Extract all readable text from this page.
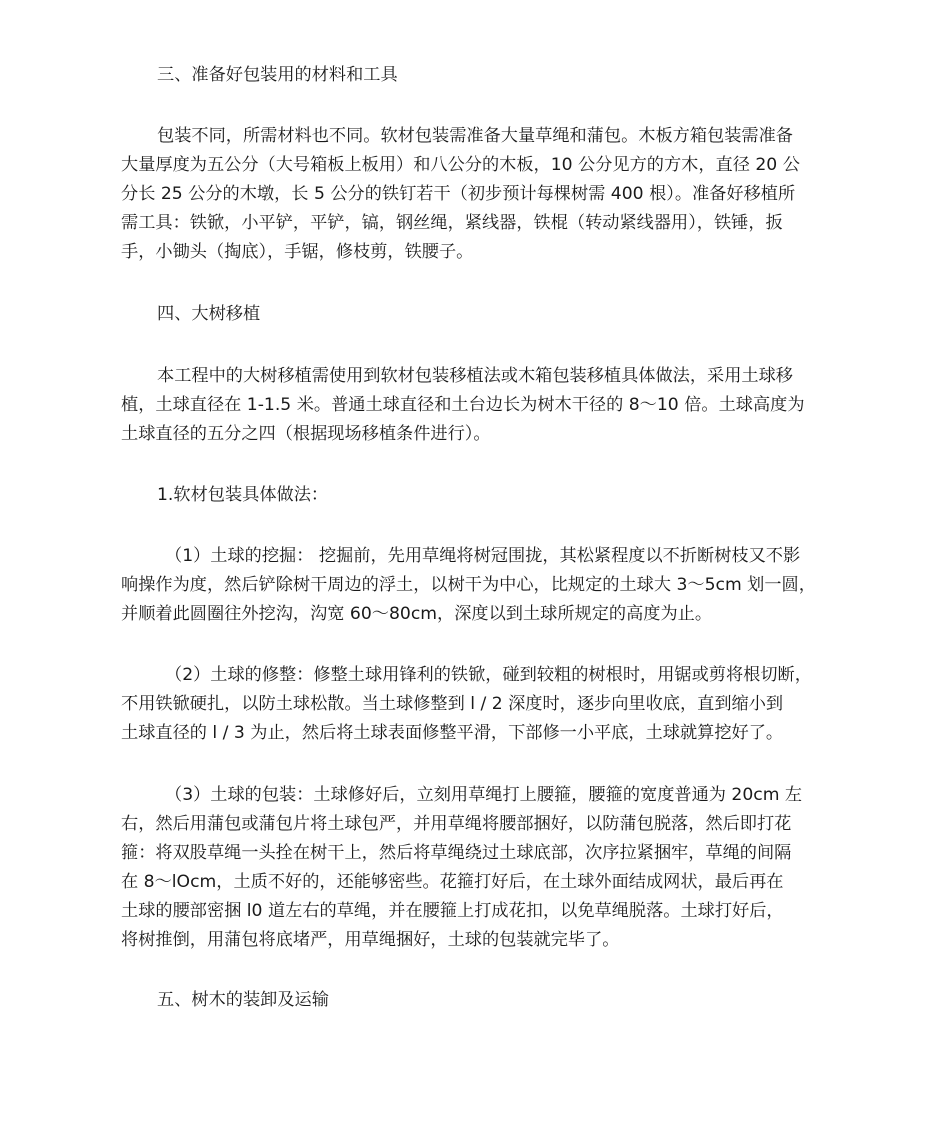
三、准备好包装用的材料和工具

包装不同，所需材料也不同。软材包装需准备大量草绳和蒲包。木板方箱包装需准备
大量厚度为五公分（大号箱板上板用）和八公分的木板，10 公分见方的方木，直径 20 公
分长 25 公分的木墩，长 5 公分的铁钉若干（初步预计每棵树需 400 根）。准备好移植所
需工具：铁锨，小平铲，平铲，镐，钢丝绳，紧线器，铁棍（转动紧线器用），铁锤，扳
手，小锄头（掏底），手锯，修枝剪，铁腰子。

四、大树移植

本工程中的大树移植需使用到软材包装移植法或木箱包装移植具体做法，采用土球移
植，土球直径在 1-1.5 米。普通土球直径和土台边长为树木干径的 8～10 倍。土球高度为
土球直径的五分之四（根据现场移植条件进行）。

1.软材包装具体做法：

（1）土球的挖掘： 挖掘前，先用草绳将树冠围拢，其松紧程度以不折断树枝又不影
响操作为度，然后铲除树干周边的浮土，以树干为中心，比规定的土球大 3～5cm 划一圆，
并顺着此圆圈往外挖沟，沟宽 60～80cm，深度以到土球所规定的高度为止。
（2）土球的修整：修整土球用锋利的铁锨，碰到较粗的树根时，用锯或剪将根切断，
不用铁锨硬扎，以防土球松散。当土球修整到 l / 2 深度时，逐步向里收底，直到缩小到
土球直径的 l / 3 为止，然后将土球表面修整平滑，下部修一小平底，土球就算挖好了。
（3）土球的包装：土球修好后，立刻用草绳打上腰箍，腰箍的宽度普通为 20cm 左
右，然后用蒲包或蒲包片将土球包严，并用草绳将腰部捆好，以防蒲包脱落，然后即打花
箍：将双股草绳一头拴在树干上，然后将草绳绕过土球底部，次序拉紧捆牢，草绳的间隔
在 8～lOcm，土质不好的，还能够密些。花箍打好后，在土球外面结成网状，最后再在
土球的腰部密捆 l0 道左右的草绳，并在腰箍上打成花扣，以免草绳脱落。土球打好后，
将树推倒，用蒲包将底堵严，用草绳捆好，土球的包装就完毕了。

五、树木的装卸及运输
